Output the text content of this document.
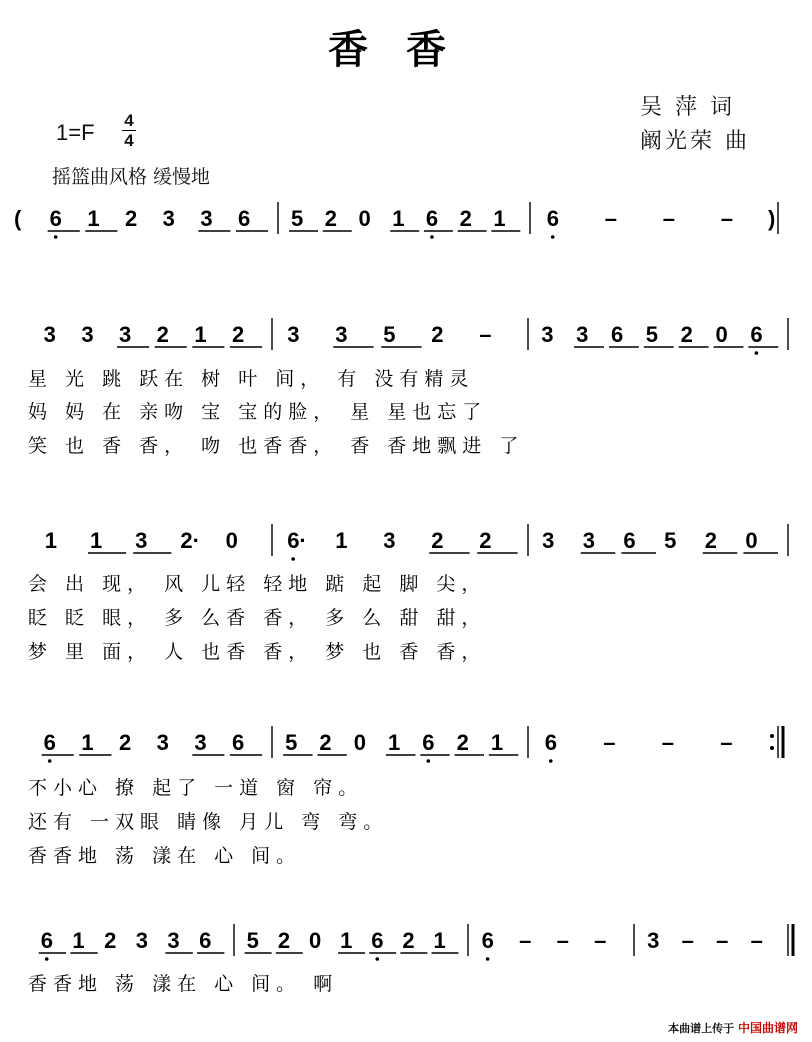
香香
吴 萍 词
阚光荣 曲
1=F 4
4
摇篮曲风格 缓慢地
( 6 1 2 3 3 6 5 2 0 1 6 2 1 6 – – – )
3 3 3 2 1 2 3 3 5 2 – 3 3 6 5 2 0 6
星 光 跳 跃在 树 叶 间， 有 没有精灵
妈 妈 在 亲吻 宝 宝的脸， 星 星也忘了
笑 也 香 香， 吻 也香香， 香 香地飘进 了
1 1 3 2· 0 6· 1 3 2 2 3 3 6 5 2 0
会 出 现， 风 儿轻 轻地 踮 起 脚 尖，
眨 眨 眼， 多 么香 香， 多 么 甜 甜，
梦 里 面， 人 也香 香， 梦 也 香 香，
6 1 2 3 3 6 5 2 0 1 6 2 1 6 – – –
不小心 撩 起了 一道 窗 帘。
还有 一双眼 睛像 月儿 弯 弯。
香香地 荡 漾在 心 间。
6 1 2 3 3 6 5 2 0 1 6 2 1 6 – – – 3 – – –
香香地 荡 漾在 心 间。 啊
本曲谱上传于 中国曲谱网
